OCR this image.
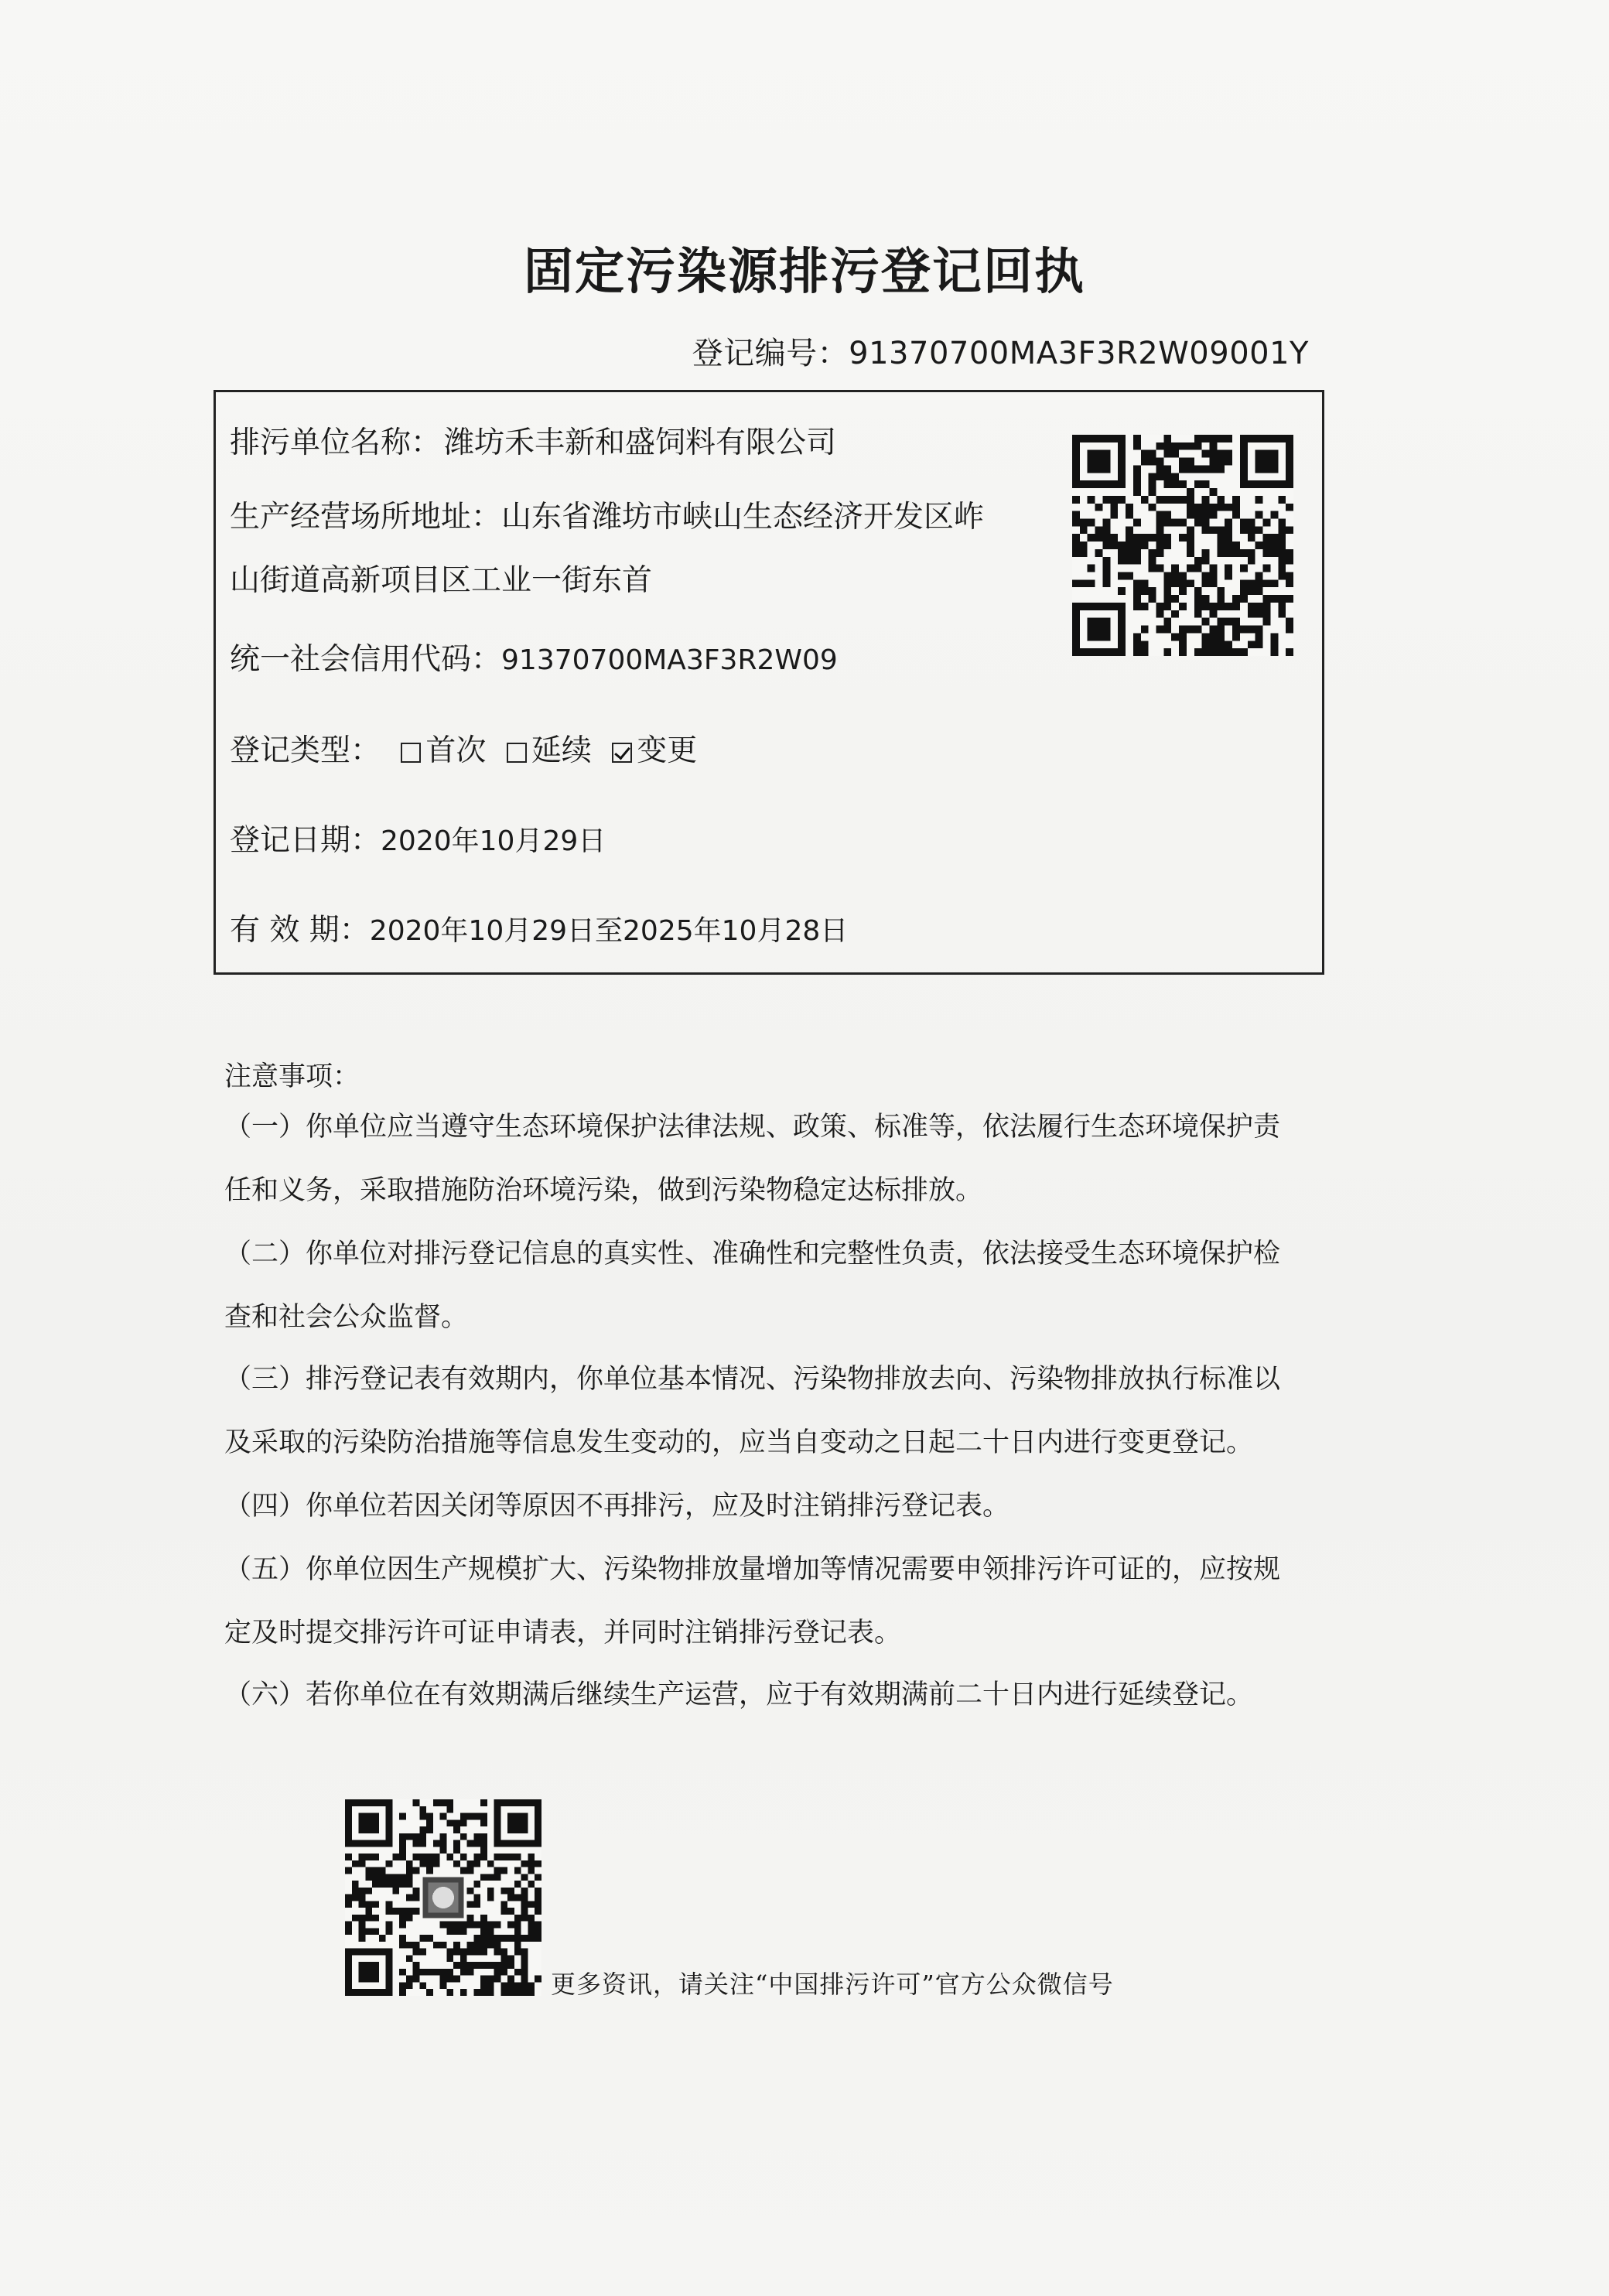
固定污染源排污登记回执
登记编号：91370700MA3F3R2W09001Y
排污单位名称： 潍坊禾丰新和盛饲料有限公司
生产经营场所地址：山东省潍坊市峡山生态经济开发区岞
山街道高新项目区工业一街东首
统一社会信用代码：91370700MA3F3R2W09
登记类型： 首次 延续 变更
登记日期：2020年10月29日
有 效 期：2020年10月29日至2025年10月28日
注意事项：
（一）你单位应当遵守生态环境保护法律法规、政策、标准等，依法履行生态环境保护责
任和义务，采取措施防治环境污染，做到污染物稳定达标排放。
（二）你单位对排污登记信息的真实性、准确性和完整性负责，依法接受生态环境保护检
查和社会公众监督。
（三）排污登记表有效期内，你单位基本情况、污染物排放去向、污染物排放执行标准以
及采取的污染防治措施等信息发生变动的，应当自变动之日起二十日内进行变更登记。
（四）你单位若因关闭等原因不再排污，应及时注销排污登记表。
（五）你单位因生产规模扩大、污染物排放量增加等情况需要申领排污许可证的，应按规
定及时提交排污许可证申请表，并同时注销排污登记表。
（六）若你单位在有效期满后继续生产运营，应于有效期满前二十日内进行延续登记。
更多资讯，请关注“中国排污许可”官方公众微信号
